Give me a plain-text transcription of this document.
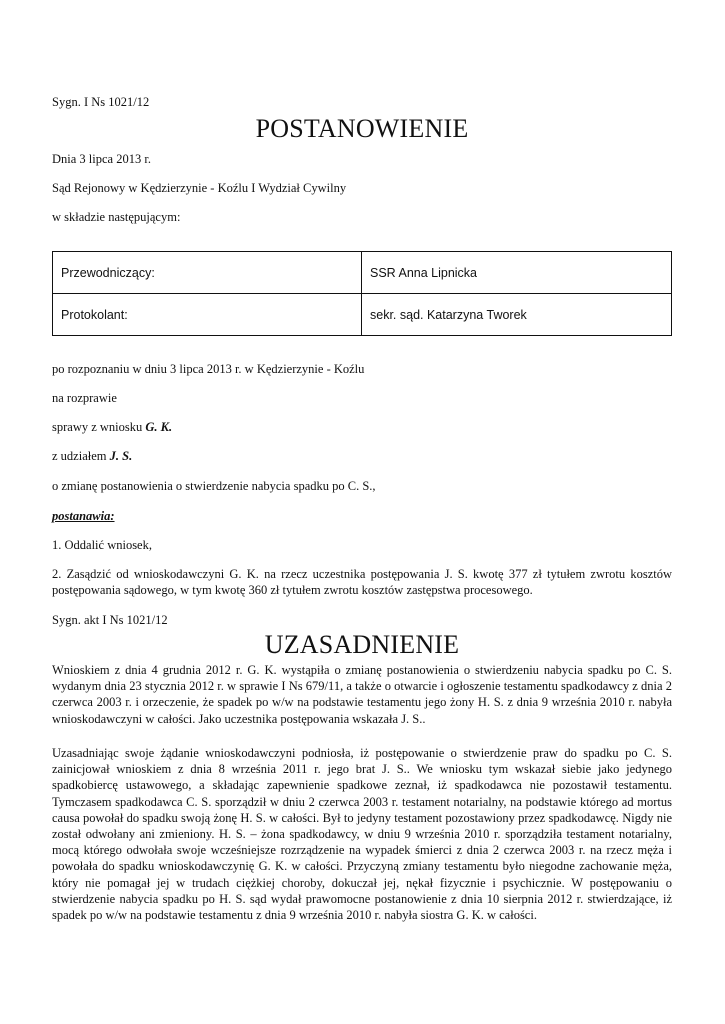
Sygn. I Ns 1021/12
POSTANOWIENIE
Dnia 3 lipca 2013 r.
Sąd Rejonowy w Kędzierzynie - Koźlu I Wydział Cywilny
w składzie następującym:
Przewodniczący:	SSR Anna Lipnicka
Protokolant:	sekr. sąd. Katarzyna Tworek
po rozpoznaniu w dniu 3 lipca 2013 r. w Kędzierzynie - Koźlu
na rozprawie
sprawy z wniosku G. K.
z udziałem J. S.
o zmianę postanowienia o stwierdzenie nabycia spadku po C. S.,
postanawia:
1. Oddalić wniosek,
2. Zasądzić od wnioskodawczyni G. K. na rzecz uczestnika postępowania J. S. kwotę 377 zł tytułem zwrotu kosztów postępowania sądowego, w tym kwotę 360 zł tytułem zwrotu kosztów zastępstwa procesowego.
Sygn. akt I Ns 1021/12
UZASADNIENIE
Wnioskiem z dnia 4 grudnia 2012 r. G. K. wystąpiła o zmianę postanowienia o stwierdzeniu nabycia spadku po C. S. wydanym dnia 23 stycznia 2012 r. w sprawie I Ns 679/11, a także o otwarcie i ogłoszenie testamentu spadkodawcy z dnia 2 czerwca 2003 r. i orzeczenie, że spadek po w/w na podstawie testamentu jego żony H. S. z dnia 9 września 2010 r. nabyła wnioskodawczyni w całości. Jako uczestnika postępowania wskazała J. S..
Uzasadniając swoje żądanie wnioskodawczyni podniosła, iż postępowanie o stwierdzenie praw do spadku po C. S. zainicjował wnioskiem z dnia 8 września 2011 r. jego brat J. S.. We wniosku tym wskazał siebie jako jedynego spadkobiercę ustawowego, a składając zapewnienie spadkowe zeznał, iż spadkodawca nie pozostawił testamentu. Tymczasem spadkodawca C. S. sporządził w dniu 2 czerwca 2003 r. testament notarialny, na podstawie którego ad mortus causa powołał do spadku swoją żonę H. S. w całości. Był to jedyny testament pozostawiony przez spadkodawcę. Nigdy nie został odwołany ani zmieniony. H. S. – żona spadkodawcy, w dniu 9 września 2010 r. sporządziła testament notarialny, mocą którego odwołała swoje wcześniejsze rozrządzenie na wypadek śmierci z dnia 2 czerwca 2003 r. na rzecz męża i powołała do spadku wnioskodawczynię G. K. w całości. Przyczyną zmiany testamentu było niegodne zachowanie męża, który nie pomagał jej w trudach ciężkiej choroby, dokuczał jej, nękał fizycznie i psychicznie. W postępowaniu o stwierdzenie nabycia spadku po H. S. sąd wydał prawomocne postanowienie z dnia 10 sierpnia 2012 r. stwierdzające, iż spadek po w/w na podstawie testamentu z dnia 9 września 2010 r. nabyła siostra G. K. w całości.
